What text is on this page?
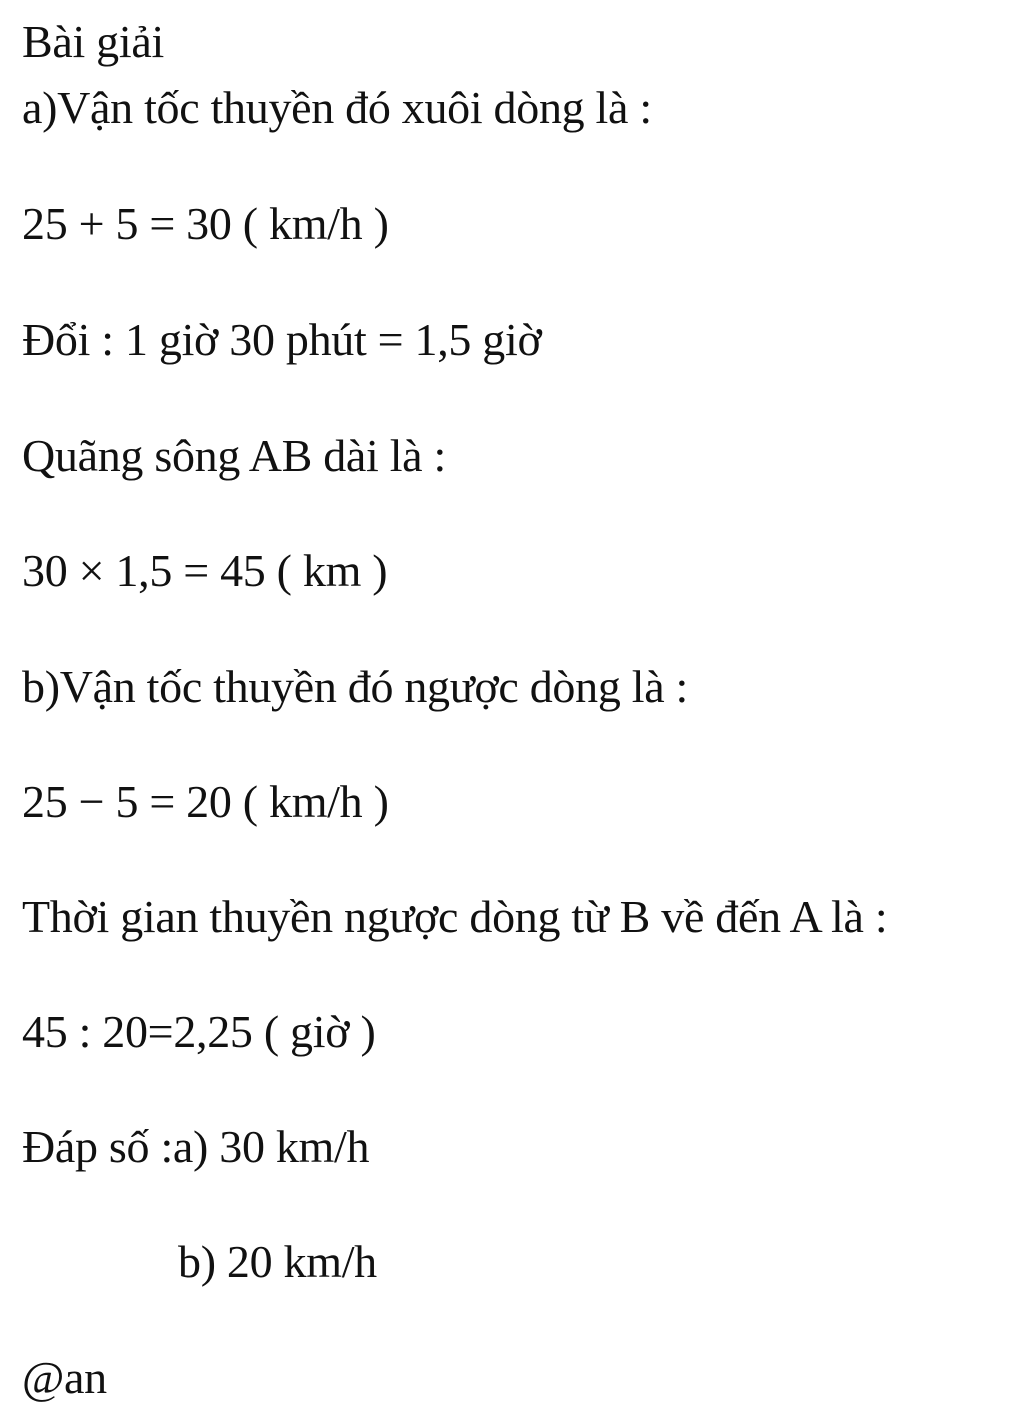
Bài giải
a)Vận tốc thuyền đó xuôi dòng là :
25 + 5 = 30 ( km/h )
Đổi : 1 giờ 30 phút = 1,5 giờ
Quãng sông AB dài là :
30 × 1,5 = 45 ( km )
b)Vận tốc thuyền đó ngược dòng là :
25 − 5 = 20 ( km/h )
Thời gian thuyền ngược dòng từ B về đến A là :
45 : 20=2,25 ( giờ )
Đáp số :a) 30 km/h
b) 20 km/h
@an
